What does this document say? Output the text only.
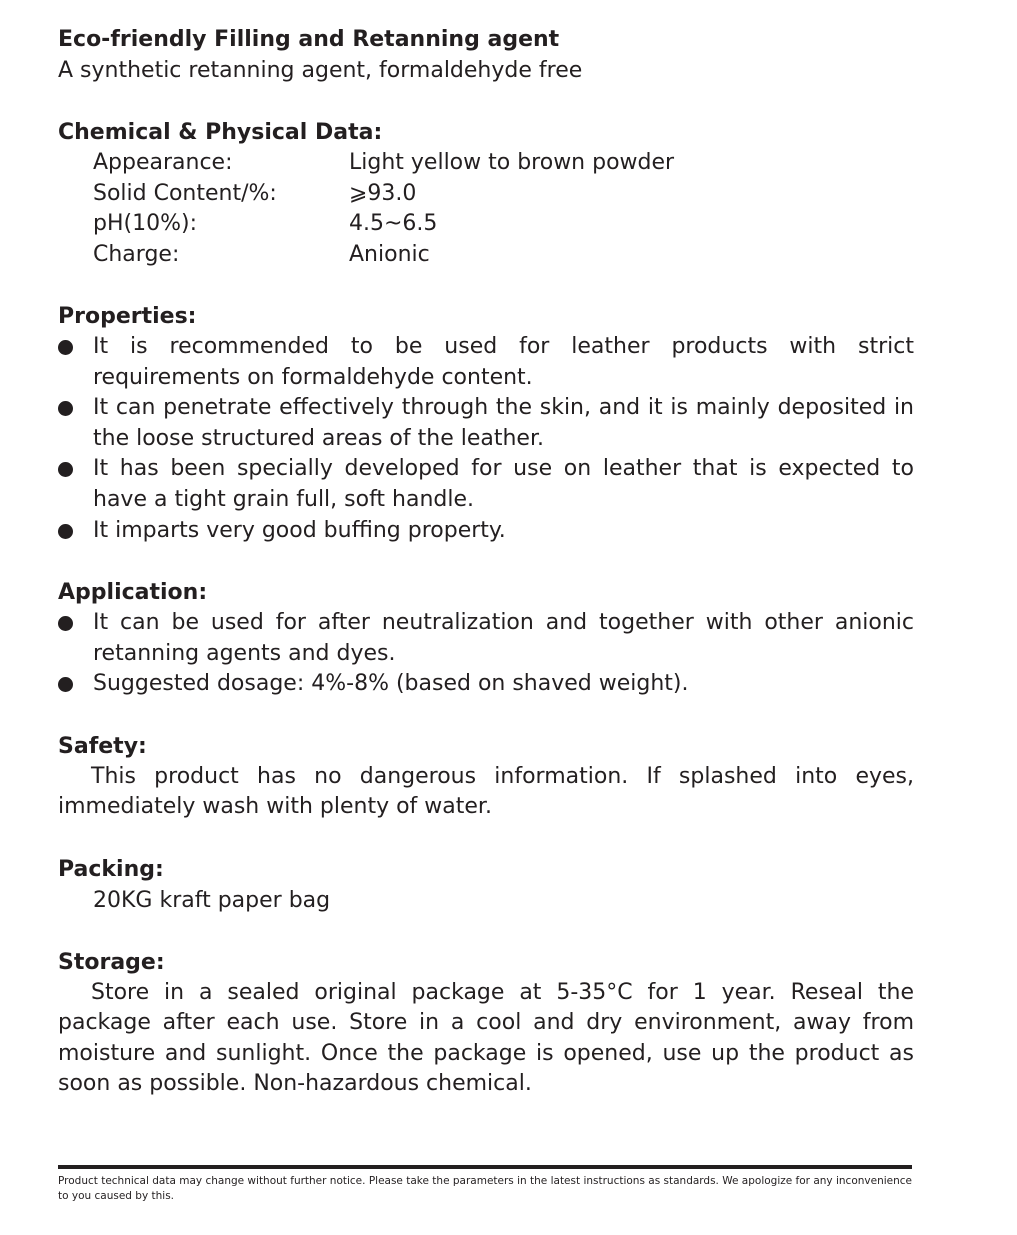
Eco-friendly Filling and Retanning agent

A synthetic retanning agent, formaldehyde free

Chemical & Physical Data:
Appearance:	Light yellow to brown powder
Solid Content/%:	⩾93.0
pH(10%):	4.5~6.5
Charge:	Anionic
Properties:
It is recommended to be used for leather products with strict requirements on formaldehyde content.
It can penetrate effectively through the skin, and it is mainly deposited in the loose structured areas of the leather.
It has been specially developed for use on leather that is expected to have a tight grain full, soft handle.
It imparts very good buffing property.
Application:
It can be used for after neutralization and together with other anionic retanning agents and dyes.
Suggested dosage: 4%-8% (based on shaved weight).
Safety:

This product has no dangerous information. If splashed into eyes, immediately wash with plenty of water.

Packing:

20KG kraft paper bag

Storage:

Store in a sealed original package at 5-35°C for 1 year. Reseal the package after each use. Store in a cool and dry environment, away from moisture and sunlight. Once the package is opened, use up the product as soon as possible. Non-hazardous chemical.

Product technical data may change without further notice. Please take the parameters in the latest instructions as standards. We apologize for any inconvenience to you caused by this.
